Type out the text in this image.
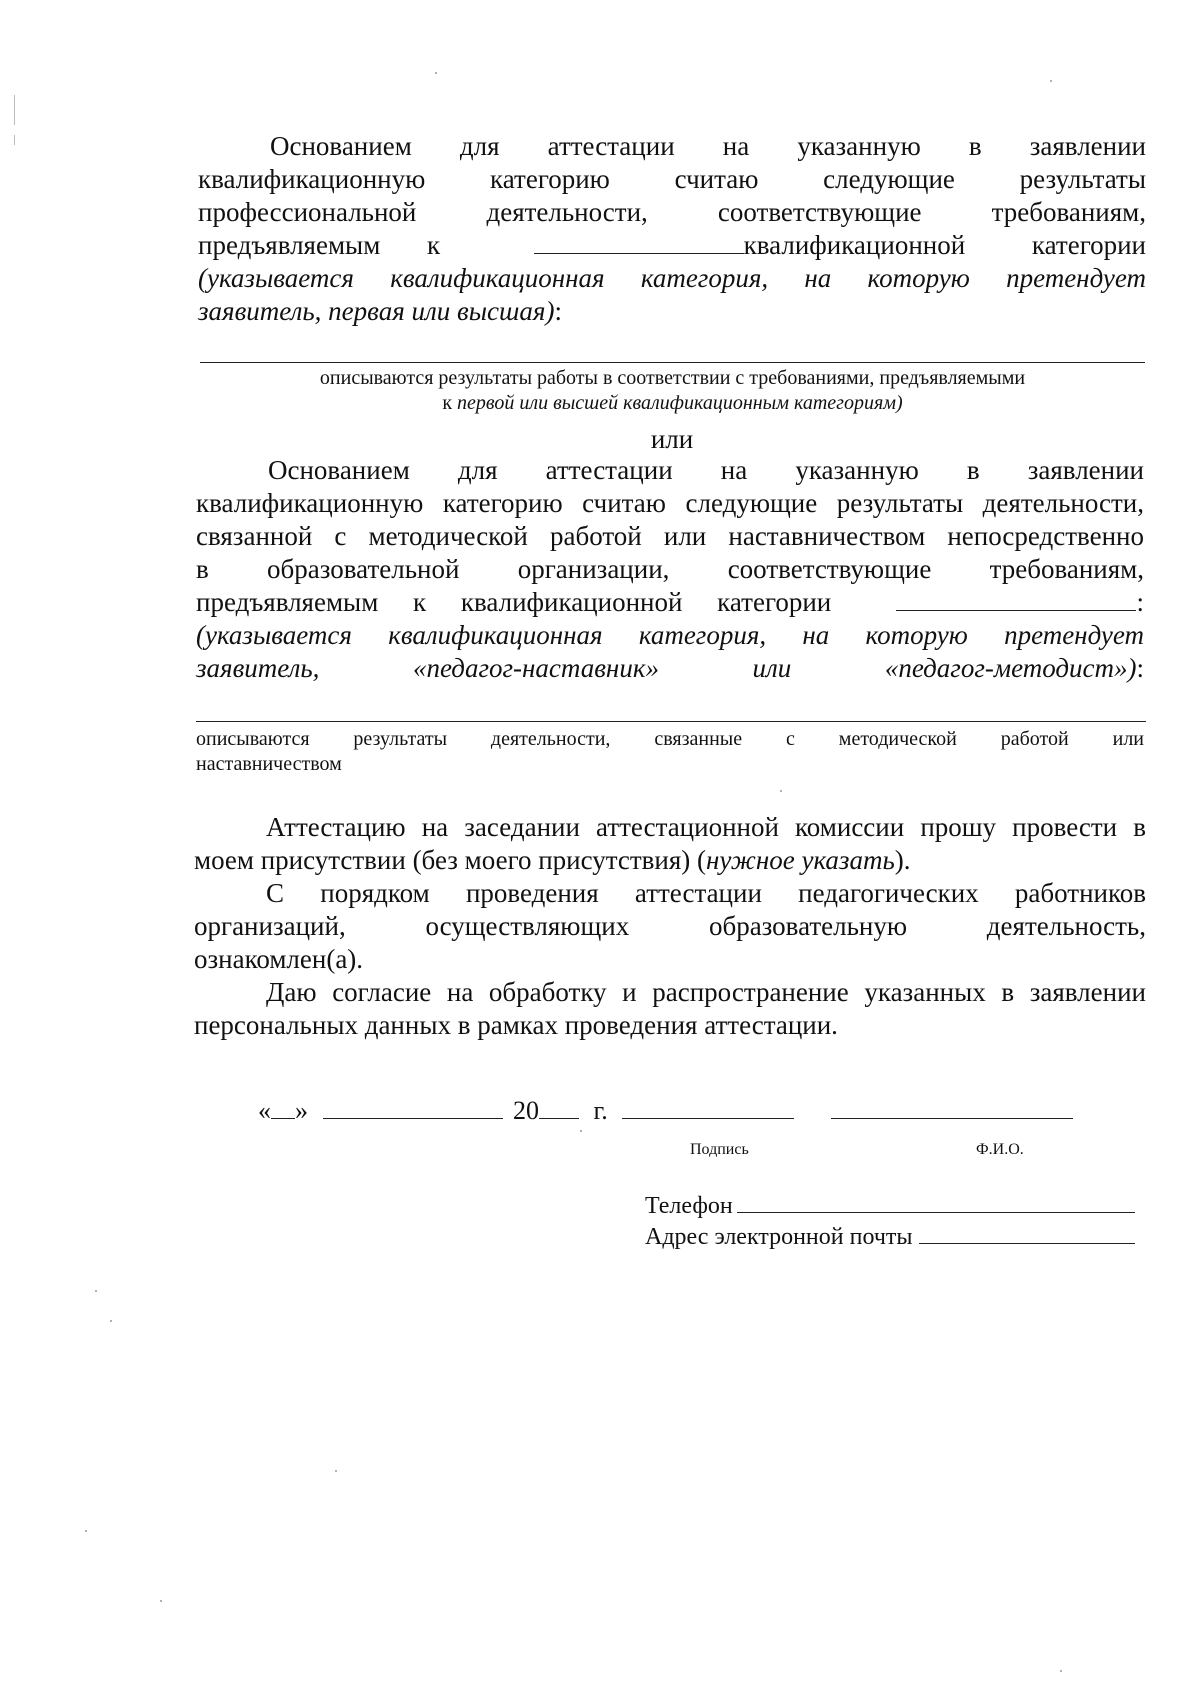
Основанием для аттестации на указанную в заявлении
квалификационную категорию считаю следующие результаты
профессиональной деятельности, соответствующие требованиям,
предъявляемым к	квалификационной категории
(указывается квалификационная категория, на которую претендует
заявитель, первая или высшая):
описываются результаты работы в соответствии с требованиями, предъявляемыми
к первой или высшей квалификационным категориям)
или
Основанием для аттестации на указанную в заявлении
квалификационную категорию считаю следующие результаты деятельности,
связанной с методической работой или наставничеством непосредственно
в образовательной организации, соответствующие требованиям,
предъявляемым к квалификационной категории	:
(указывается квалификационная категория, на которую претендует
заявитель, «педагог-наставник» или «педагог-методист»):
описываются результаты деятельности, связанные с методической работой или
наставничеством
Аттестацию на заседании аттестационной комиссии прошу провести в
моем присутствии (без моего присутствия) (нужное указать).
С порядком проведения аттестации педагогических работников
организаций, осуществляющих образовательную деятельность,
ознакомлен(а).
Даю согласие на обработку и распространение указанных в заявлении
персональных данных в рамках проведения аттестации.
« »	20 г.
Подпись	Ф.И.О.
Телефон
Адрес электронной почты
